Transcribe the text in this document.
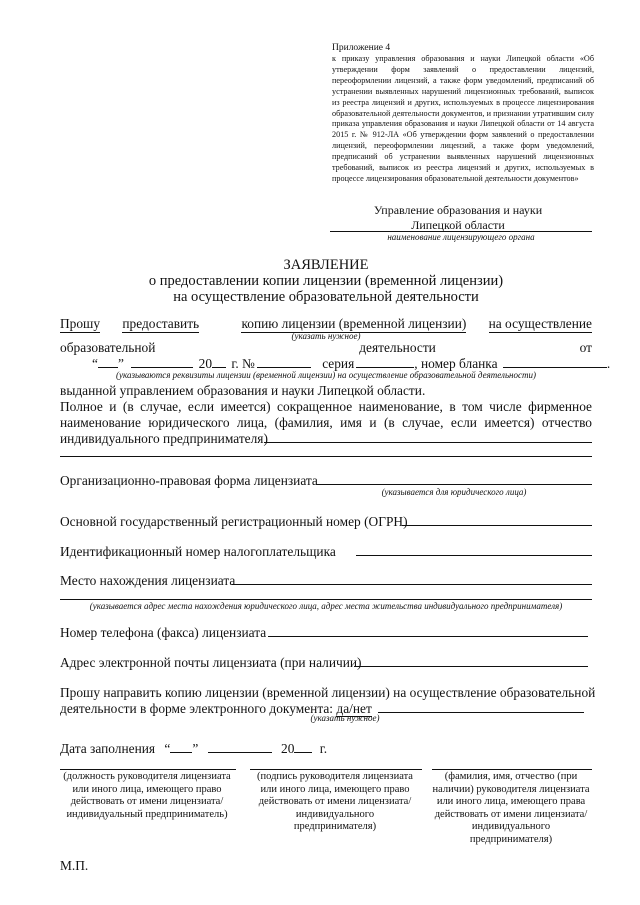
Приложение 4
к приказу управления образования и науки Липецкой области «Об утверждении форм заявлений о предоставлении лицензий, переоформлении лицензий, а также форм уведомлений, предписаний об устранении выявленных нарушений лицензионных требований, выписок из реестра лицензий и других, используемых в процессе лицензирования образовательной деятельности документов, и признании утратившим силу приказа управления образования и науки Липецкой области от 14 августа 2015 г. № 912-ЛА «Об утверждении форм заявлений о предоставлении лицензий, переоформлении лицензий, а также форм уведомлений, предписаний об устранении выявленных нарушений лицензионных требований, выписок из реестра лицензий и других, используемых в процессе лицензирования образовательной деятельности документов»
Управление образования и науки
Липецкой области
наименование лицензирующего органа
ЗАЯВЛЕНИЕ
о предоставлении копии лицензии (временной лицензии)
на осуществление образовательной деятельности
Прошу предоставить	копию лицензии (временной лицензии) на осуществление
(указать нужное)
образовательной	деятельности	от
“ ”	20 г. №	серия	, номер бланка	.
(указываются реквизиты лицензии (временной лицензии) на осуществление образовательной деятельности)
выданной управлением образования и науки Липецкой области.
Полное и (в случае, если имеется) сокращенное наименование, в том числе фирменное
наименование юридического лица, (фамилия, имя и (в случае, если имеется) отчество
индивидуального предпринимателя)
Организационно-правовая форма лицензиата
(указывается для юридического лица)
Основной государственный регистрационный номер (ОГРН)
Идентификационный номер налогоплательщика
Место нахождения лицензиата
(указывается адрес места нахождения юридического лица, адрес места жительства индивидуального предпринимателя)
Номер телефона (факса) лицензиата
Адрес электронной почты лицензиата (при наличии)
Прошу направить копию лицензии (временной лицензии) на осуществление образовательной
деятельности в форме электронного документа: да/нет
(указать нужное)
Дата заполнения “ ”	20 г.
(должность руководителя лицензиата
или иного лица, имеющего право
действовать от имени лицензиата/
индивидуальный предприниматель)
(подпись руководителя лицензиата
или иного лица, имеющего право
действовать от имени лицензиата/
индивидуального
предпринимателя)
(фамилия, имя, отчество (при
наличии) руководителя лицензиата
или иного лица, имеющего права
действовать от имени лицензиата/
индивидуального
предпринимателя)
М.П.
